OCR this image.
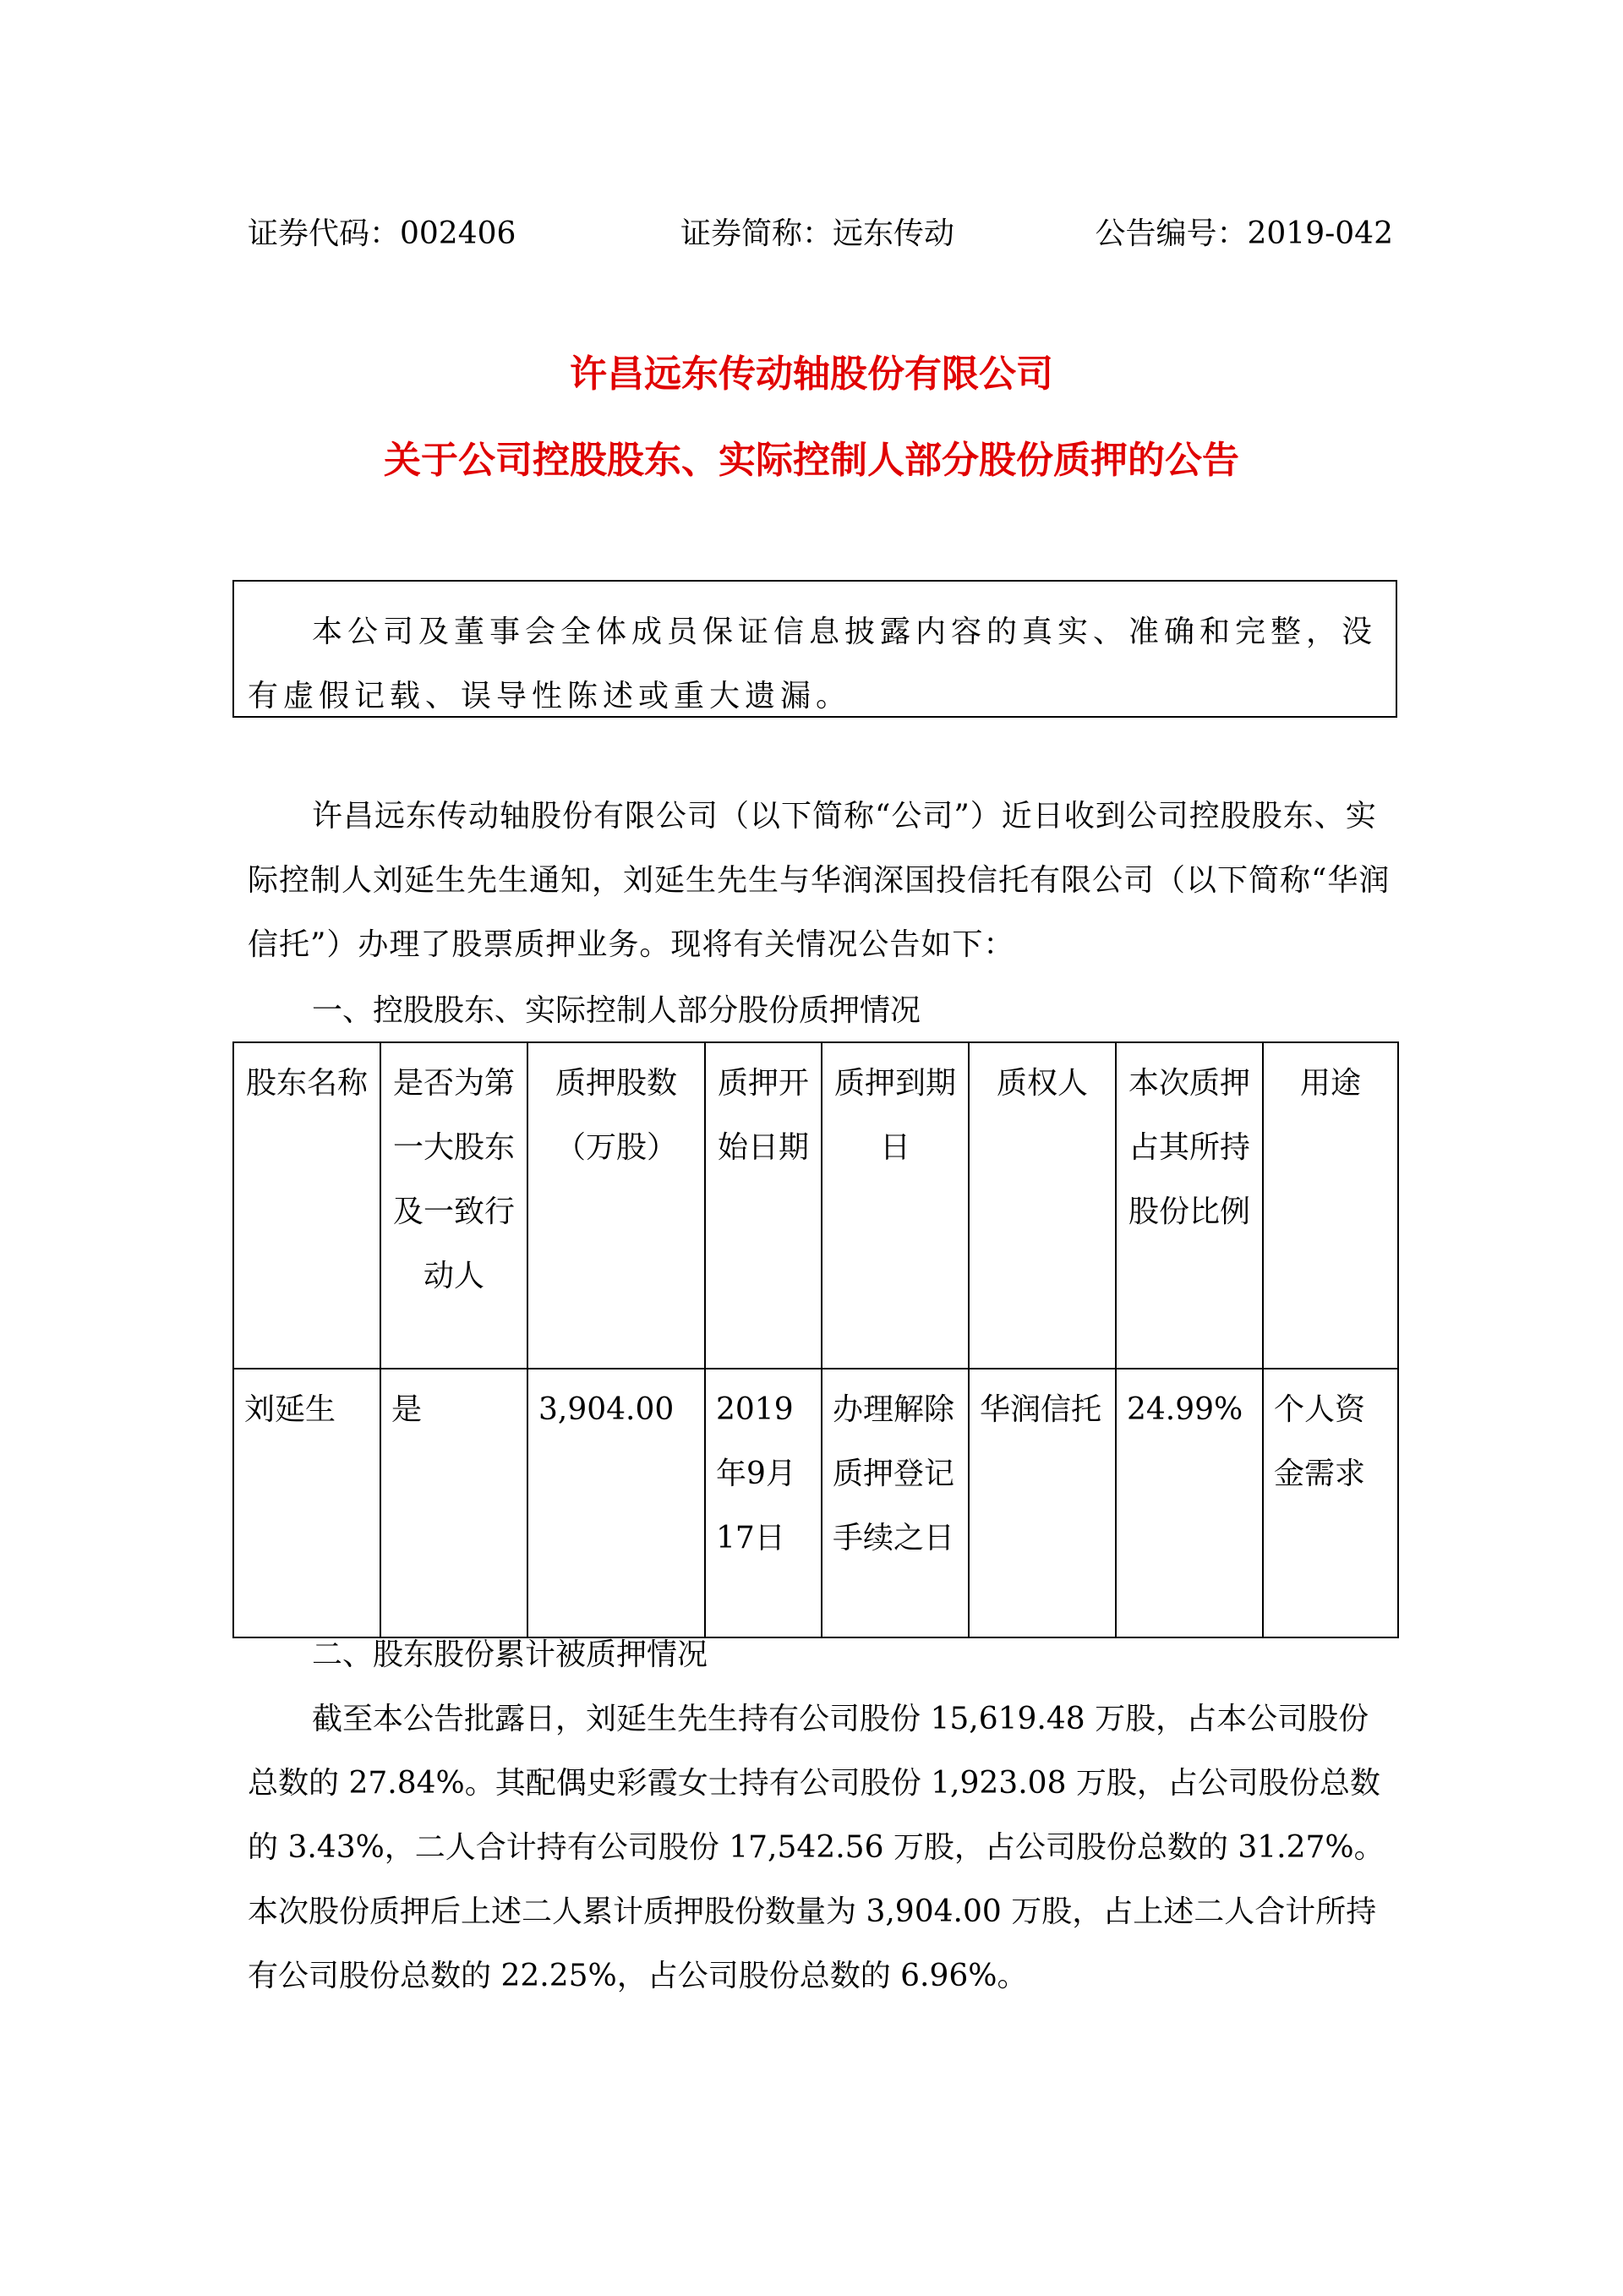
证券代码：002406	证券简称：远东传动	公告编号：2019-042
许昌远东传动轴股份有限公司
关于公司控股股东、实际控制人部分股份质押的公告

本公司及董事会全体成员保证信息披露内容的真实、准确和完整，没有虚假记载、误导性陈述或重大遗漏。

许昌远东传动轴股份有限公司（以下简称“公司”）近日收到公司控股股东、实际控制人刘延生先生通知，刘延生先生与华润深国投信托有限公司（以下简称“华润信托”）办理了股票质押业务。现将有关情况公告如下：
一、控股股东、实际控制人部分股份质押情况
股东名称	是否为第一大股东及一致行动人	质押股数（万股）	质押开始日期	质押到期日	质权人	本次质押占其所持股份比例	用途

刘延生	是	3,904.00	2019年9月17日	办理解除质押登记手续之日	华润信托	24.99%	个人资金需求
二、股东股份累计被质押情况
截至本公告批露日，刘延生先生持有公司股份 15,619.48 万股，占本公司股份总数的 27.84%。其配偶史彩霞女士持有公司股份 1,923.08 万股，占公司股份总数的 3.43%，二人合计持有公司股份 17,542.56 万股，占公司股份总数的 31.27%。本次股份质押后上述二人累计质押股份数量为 3,904.00 万股，占上述二人合计所持有公司股份总数的 22.25%，占公司股份总数的 6.96%。
